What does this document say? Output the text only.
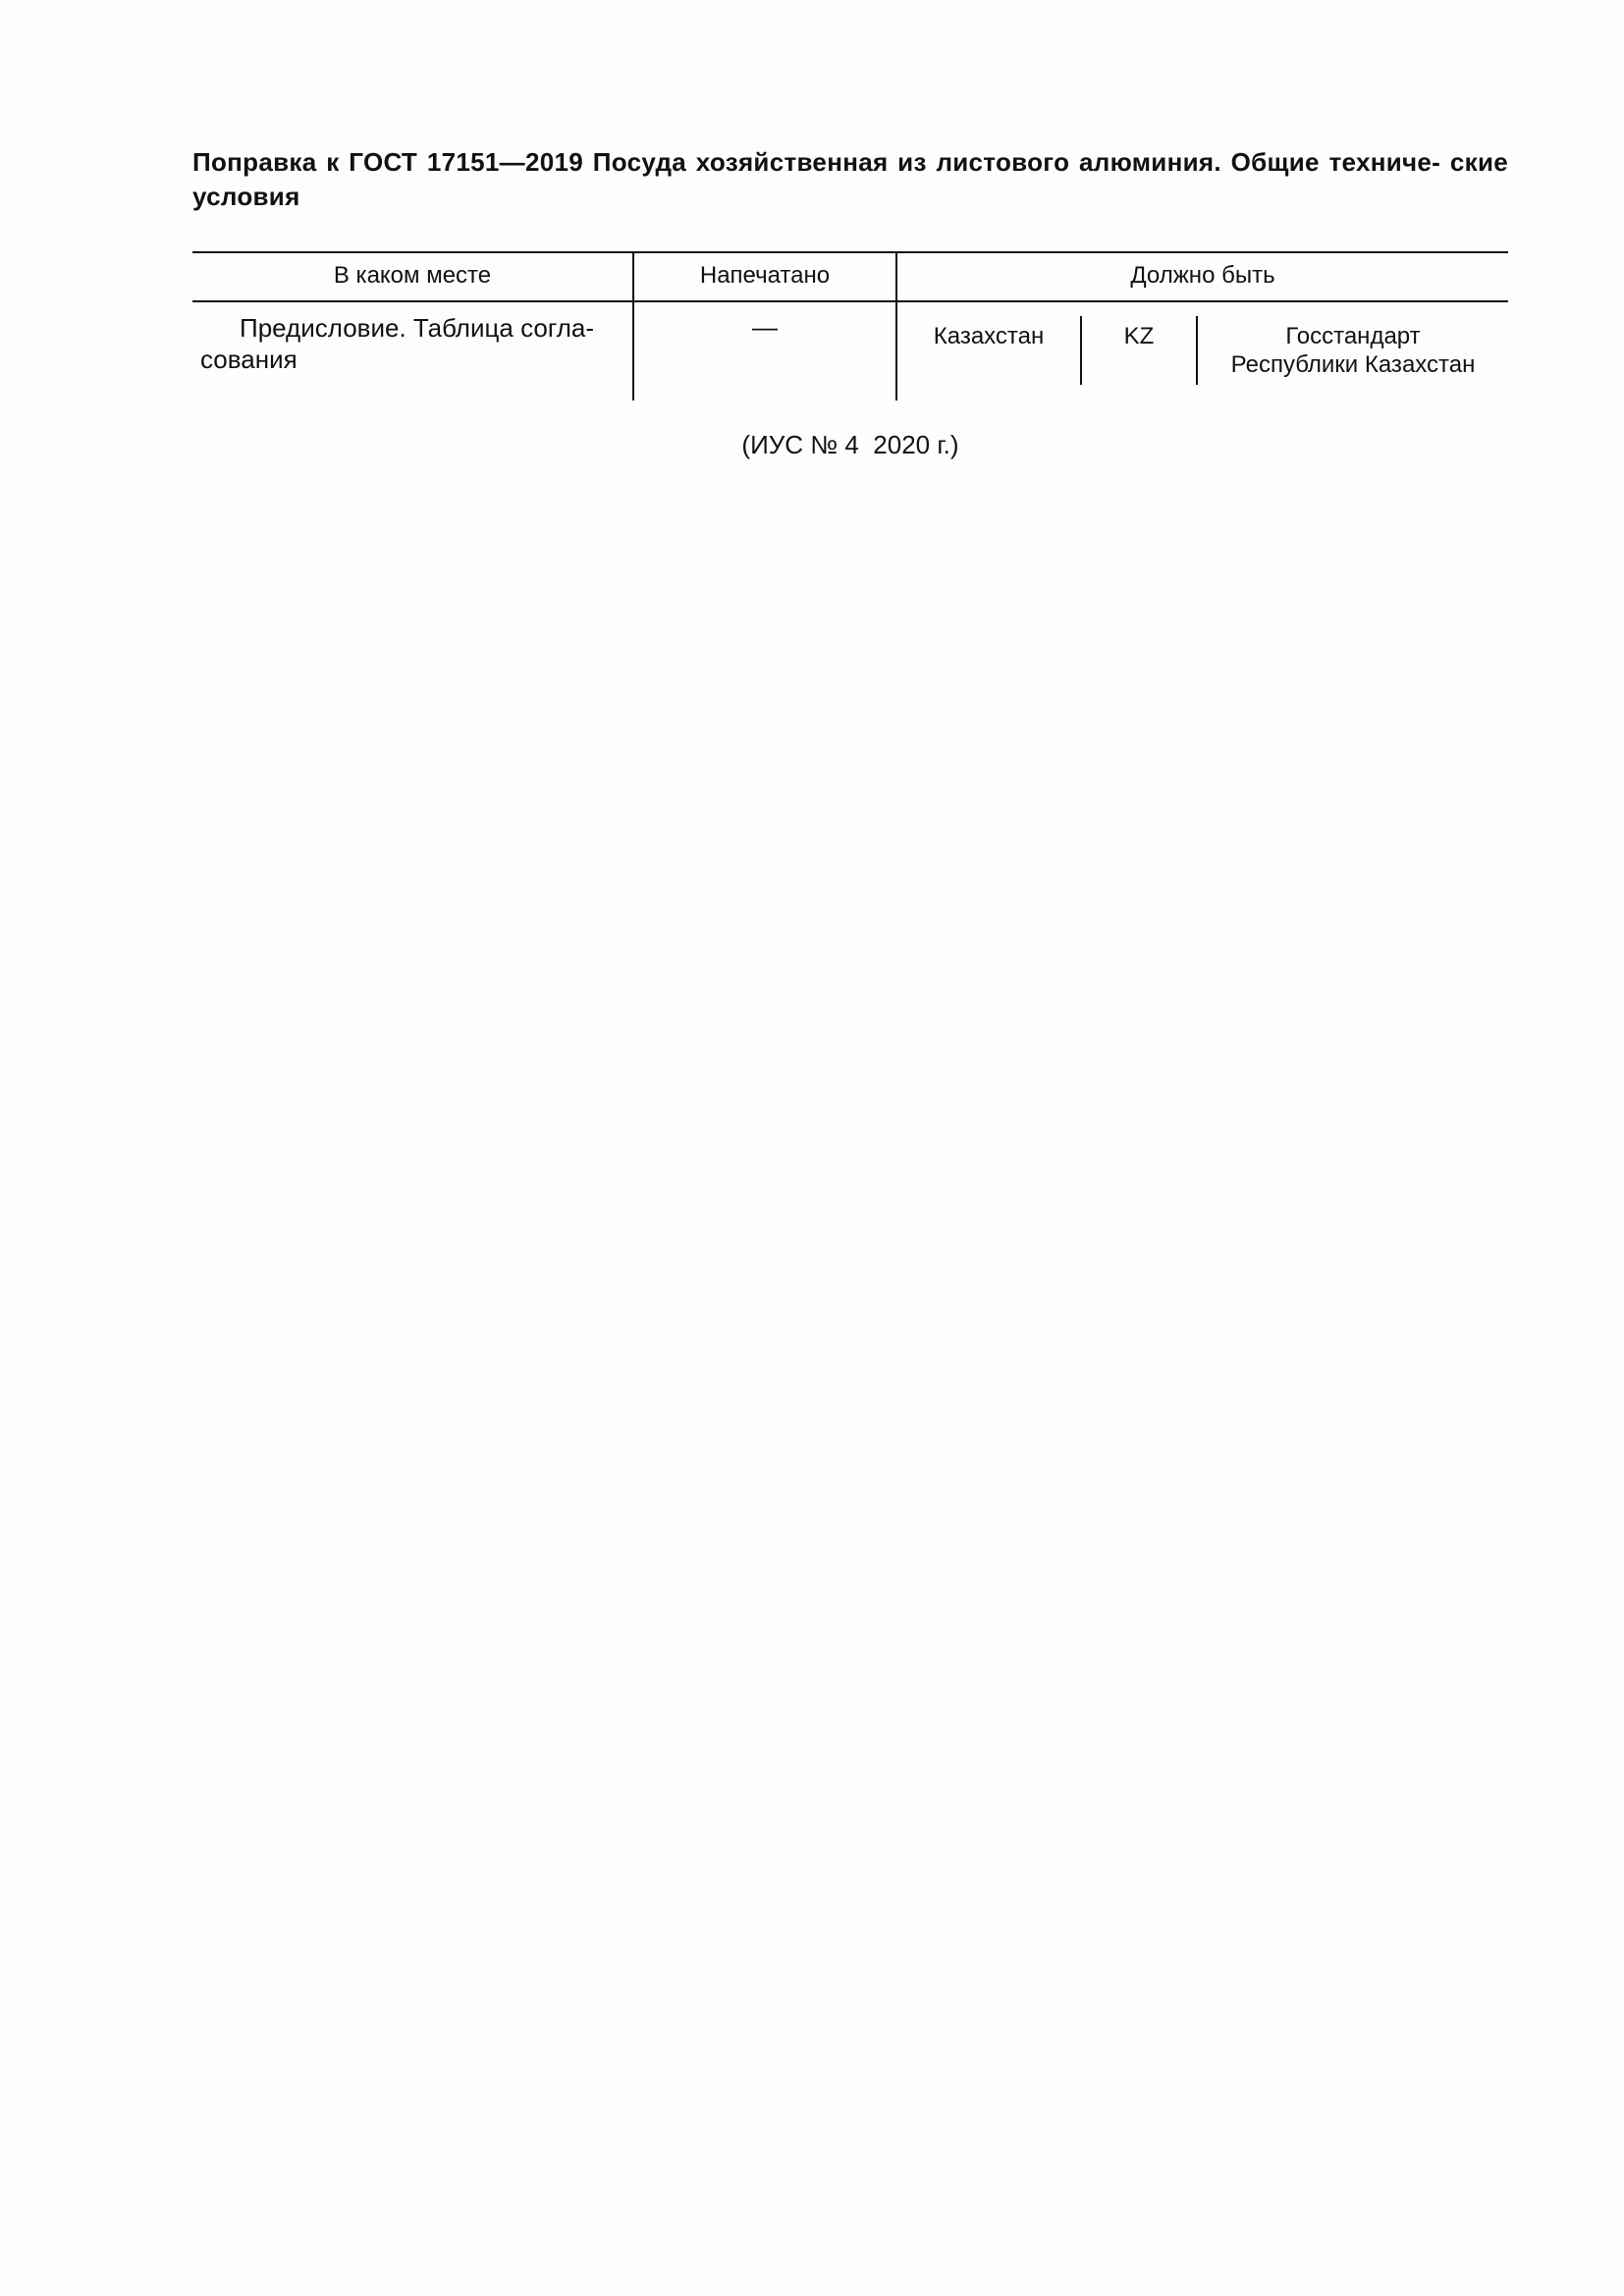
Поправка к ГОСТ 17151—2019 Посуда хозяйственная из листового алюминия. Общие техниче- ские условия
В каком месте	Напечатано	Должно быть
Предисловие. Таблица согла-
сования
—	Казахстан	KZ	Госстандарт
Республики Казахстан
(ИУС № 4  2020 г.)
